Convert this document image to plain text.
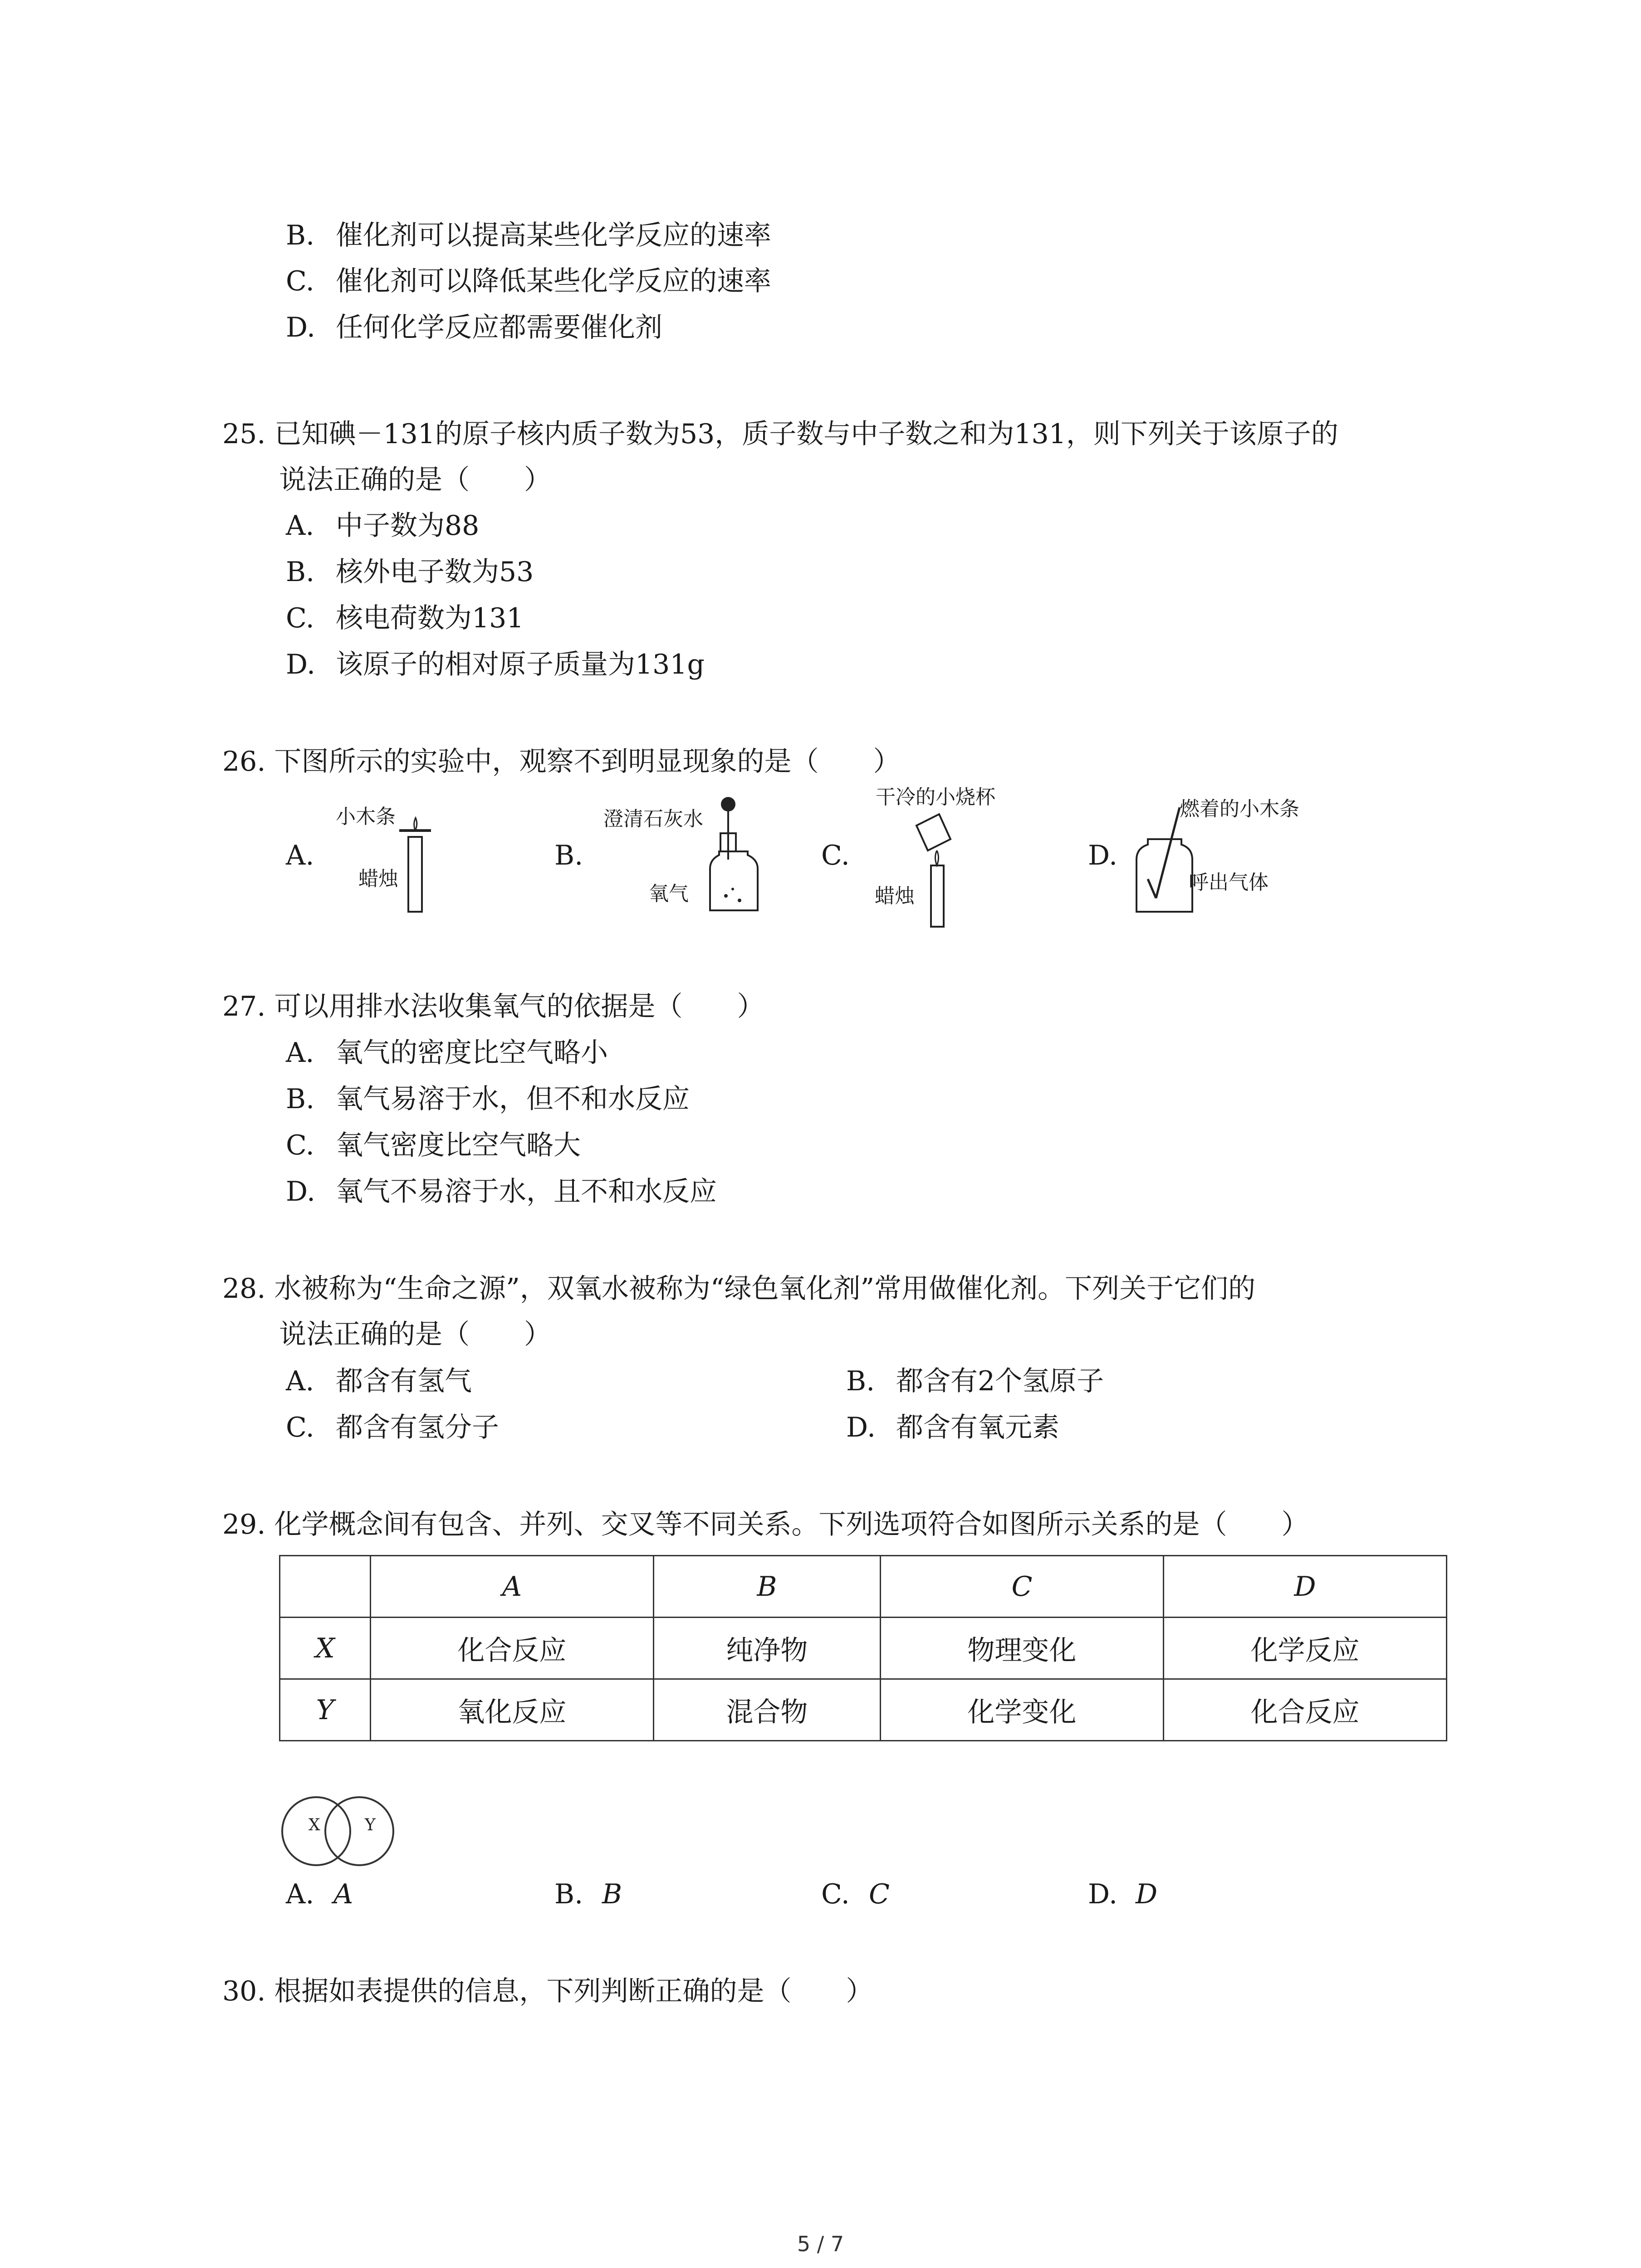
B. 催化剂可以提高某些化学反应的速率
C. 催化剂可以降低某些化学反应的速率
D. 任何化学反应都需要催化剂
25. 已知碘－131的原子核内质子数为53，质子数与中子数之和为131，则下列关于该原子的
说法正确的是（　　）
A. 中子数为88
B. 核外电子数为53
C. 核电荷数为131
D. 该原子的相对原子质量为131g
26. 下图所示的实验中，观察不到明显现象的是（　　）
A.
小木条
蜡烛
B.
澄清石灰水
氧气
C.
干冷的小烧杯
蜡烛
D.
燃着的小木条
呼出气体
27. 可以用排水法收集氧气的依据是（　　）
A. 氧气的密度比空气略小
B. 氧气易溶于水，但不和水反应
C. 氧气密度比空气略大
D. 氧气不易溶于水，且不和水反应
28. 水被称为“生命之源”，双氧水被称为“绿色氧化剂”常用做催化剂。下列关于它们的
说法正确的是（　　）
A. 都含有氢气	B. 都含有2个氢原子
C. 都含有氢分子	D. 都含有氧元素
29. 化学概念间有包含、并列、交叉等不同关系。下列选项符合如图所示关系的是（　　）
	A	B	C	D
X	化合反应	纯净物	物理变化	化学反应
Y	氧化反应	混合物	化学变化	化合反应
X	Y
A. A	B. B	C. C	D. D
30. 根据如表提供的信息，下列判断正确的是（　　）
5 / 7
